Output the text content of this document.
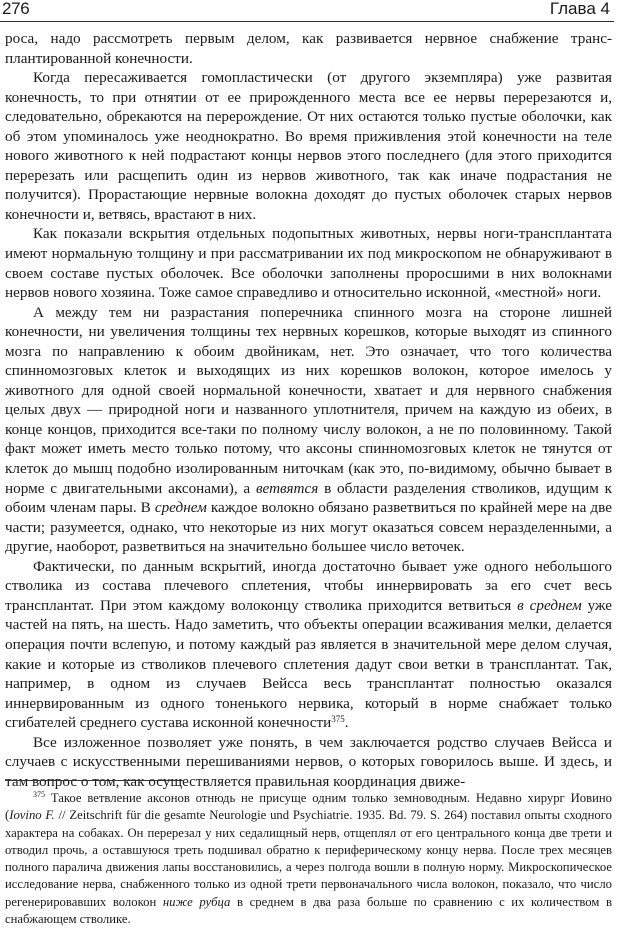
276	Глава 4

роса, надо рассмотреть первым делом, как развивается нервное снабжение трансплантированной конечности.

Когда пересаживается гомопластически (от другого экземпляра) уже развитая конечность, то при отнятии от ее прирожденного места все ее нервы перерезаются и, следовательно, обрекаются на перерождение. От них остаются только пустые оболочки, как об этом упоминалось уже неоднократно. Во время приживления этой конечности на теле нового животного к ней подрастают концы нервов этого последнего (для этого приходится перерезать или расщепить один из нервов животного, так как иначе подрастания не получится). Прорастающие нервные волокна доходят до пустых оболочек старых нервов конечности и, ветвясь, врастают в них.

Как показали вскрытия отдельных подопытных животных, нервы ноги-трансплантата имеют нормальную толщину и при рассматривании их под микроскопом не обнаруживают в своем составе пустых оболочек. Все оболочки заполнены проросшими в них волокнами нервов нового хозяина. Тоже самое справедливо и относительно исконной, «местной» ноги.

А между тем ни разрастания поперечника спинного мозга на стороне лишней конечности, ни увеличения толщины тех нервных корешков, которые выходят из спинного мозга по направлению к обоим двойникам, нет. Это означает, что того количества спинномозговых клеток и выходящих из них корешков волокон, которое имелось у животного для одной своей нормальной конечности, хватает и для нервного снабжения целых двух — природной ноги и названного уплотнителя, причем на каждую из обеих, в конце концов, приходится все-таки по полному числу волокон, а не по половинному. Такой факт может иметь место только потому, что аксоны спинномозговых клеток не тянутся от клеток до мышц подобно изолированным ниточкам (как это, по-видимому, обычно бывает в норме с двигательными аксонами), а ветвятся в области разделения стволиков, идущим к обоим членам пары. В среднем каждое волокно обязано разветвиться по крайней мере на две части; разумеется, однако, что некоторые из них могут оказаться совсем неразделенными, а другие, наоборот, разветвиться на значительно большее число веточек.

Фактически, по данным вскрытий, иногда достаточно бывает уже одного небольшого стволика из состава плечевого сплетения, чтобы иннервировать за его счет весь трансплантат. При этом каждому волоконцу стволика приходится ветвиться в среднем уже частей на пять, на шесть. Надо заметить, что объекты операции всаживания мелки, делается операция почти вслепую, и потому каждый раз является в значительной мере делом случая, какие и которые из стволиков плечевого сплетения дадут свои ветки в трансплантат. Так, например, в одном из случаев Вейсса весь трансплантат полностью оказался иннервированным из одного тоненького нервика, который в норме снабжает только сгибателей среднего сустава исконной конечности$^{375}$.

Все изложенное позволяет уже понять, в чем заключается родство случаев Вейсса и случаев с искусственными перешиваниями нервов, о которых говорилось выше. И здесь, и там вопрос о том, как осуществляется правильная координация движе-

$^{375}$ Такое ветвление аксонов отнюдь не присуще одним только земноводным. Недавно хирург Иовино (Iovino F. // Zeitschrift für die gesamte Neurologie und Psychiatrie. 1935. Bd. 79. S. 264) поставил опыты сходного характера на собаках. Он перерезал у них седалищный нерв, отщеплял от его центрального конца две трети и отводил прочь, а оставшуюся треть подшивал обратно к периферическому концу нерва. После трех месяцев полного паралича движения лапы восстановились, а через полгода вошли в полную норму. Микроскопическое исследование нерва, снабженного только из одной трети первоначального числа волокон, показало, что число регенерировавших волокон ниже рубца в среднем в два раза больше по сравнению с их количеством в снабжающем стволике.
